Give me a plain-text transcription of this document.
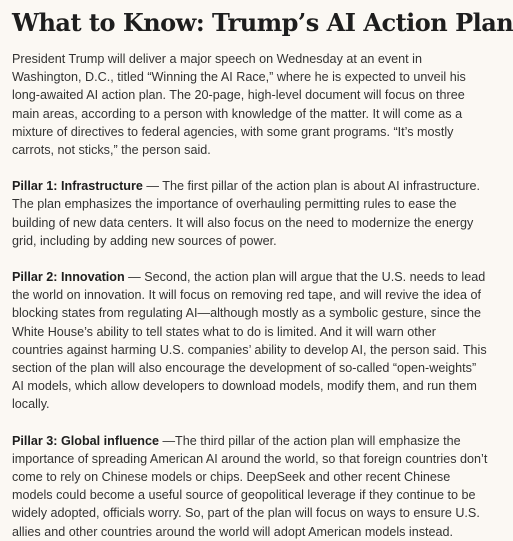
What to Know: Trump’s AI Action Plan

President Trump will deliver a major speech on Wednesday at an event in Washington, D.C., titled “Winning the AI Race,” where he is expected to unveil his long-awaited AI action plan. The 20-page, high-level document will focus on three main areas, according to a person with knowledge of the matter. It will come as a mixture of directives to federal agencies, with some grant programs. “It’s mostly carrots, not sticks,” the person said.

Pillar 1: Infrastructure — The first pillar of the action plan is about AI infrastructure. The plan emphasizes the importance of overhauling permitting rules to ease the building of new data centers. It will also focus on the need to modernize the energy grid, including by adding new sources of power.

Pillar 2: Innovation — Second, the action plan will argue that the U.S. needs to lead the world on innovation. It will focus on removing red tape, and will revive the idea of blocking states from regulating AI—although mostly as a symbolic gesture, since the White House’s ability to tell states what to do is limited. And it will warn other countries against harming U.S. companies’ ability to develop AI, the person said. This section of the plan will also encourage the development of so-called “open-weights” AI models, which allow developers to download models, modify them, and run them locally.

Pillar 3: Global influence —The third pillar of the action plan will emphasize the importance of spreading American AI around the world, so that foreign countries don’t come to rely on Chinese models or chips. DeepSeek and other recent Chinese models could become a useful source of geopolitical leverage if they continue to be widely adopted, officials worry. So, part of the plan will focus on ways to ensure U.S. allies and other countries around the world will adopt American models instead.
